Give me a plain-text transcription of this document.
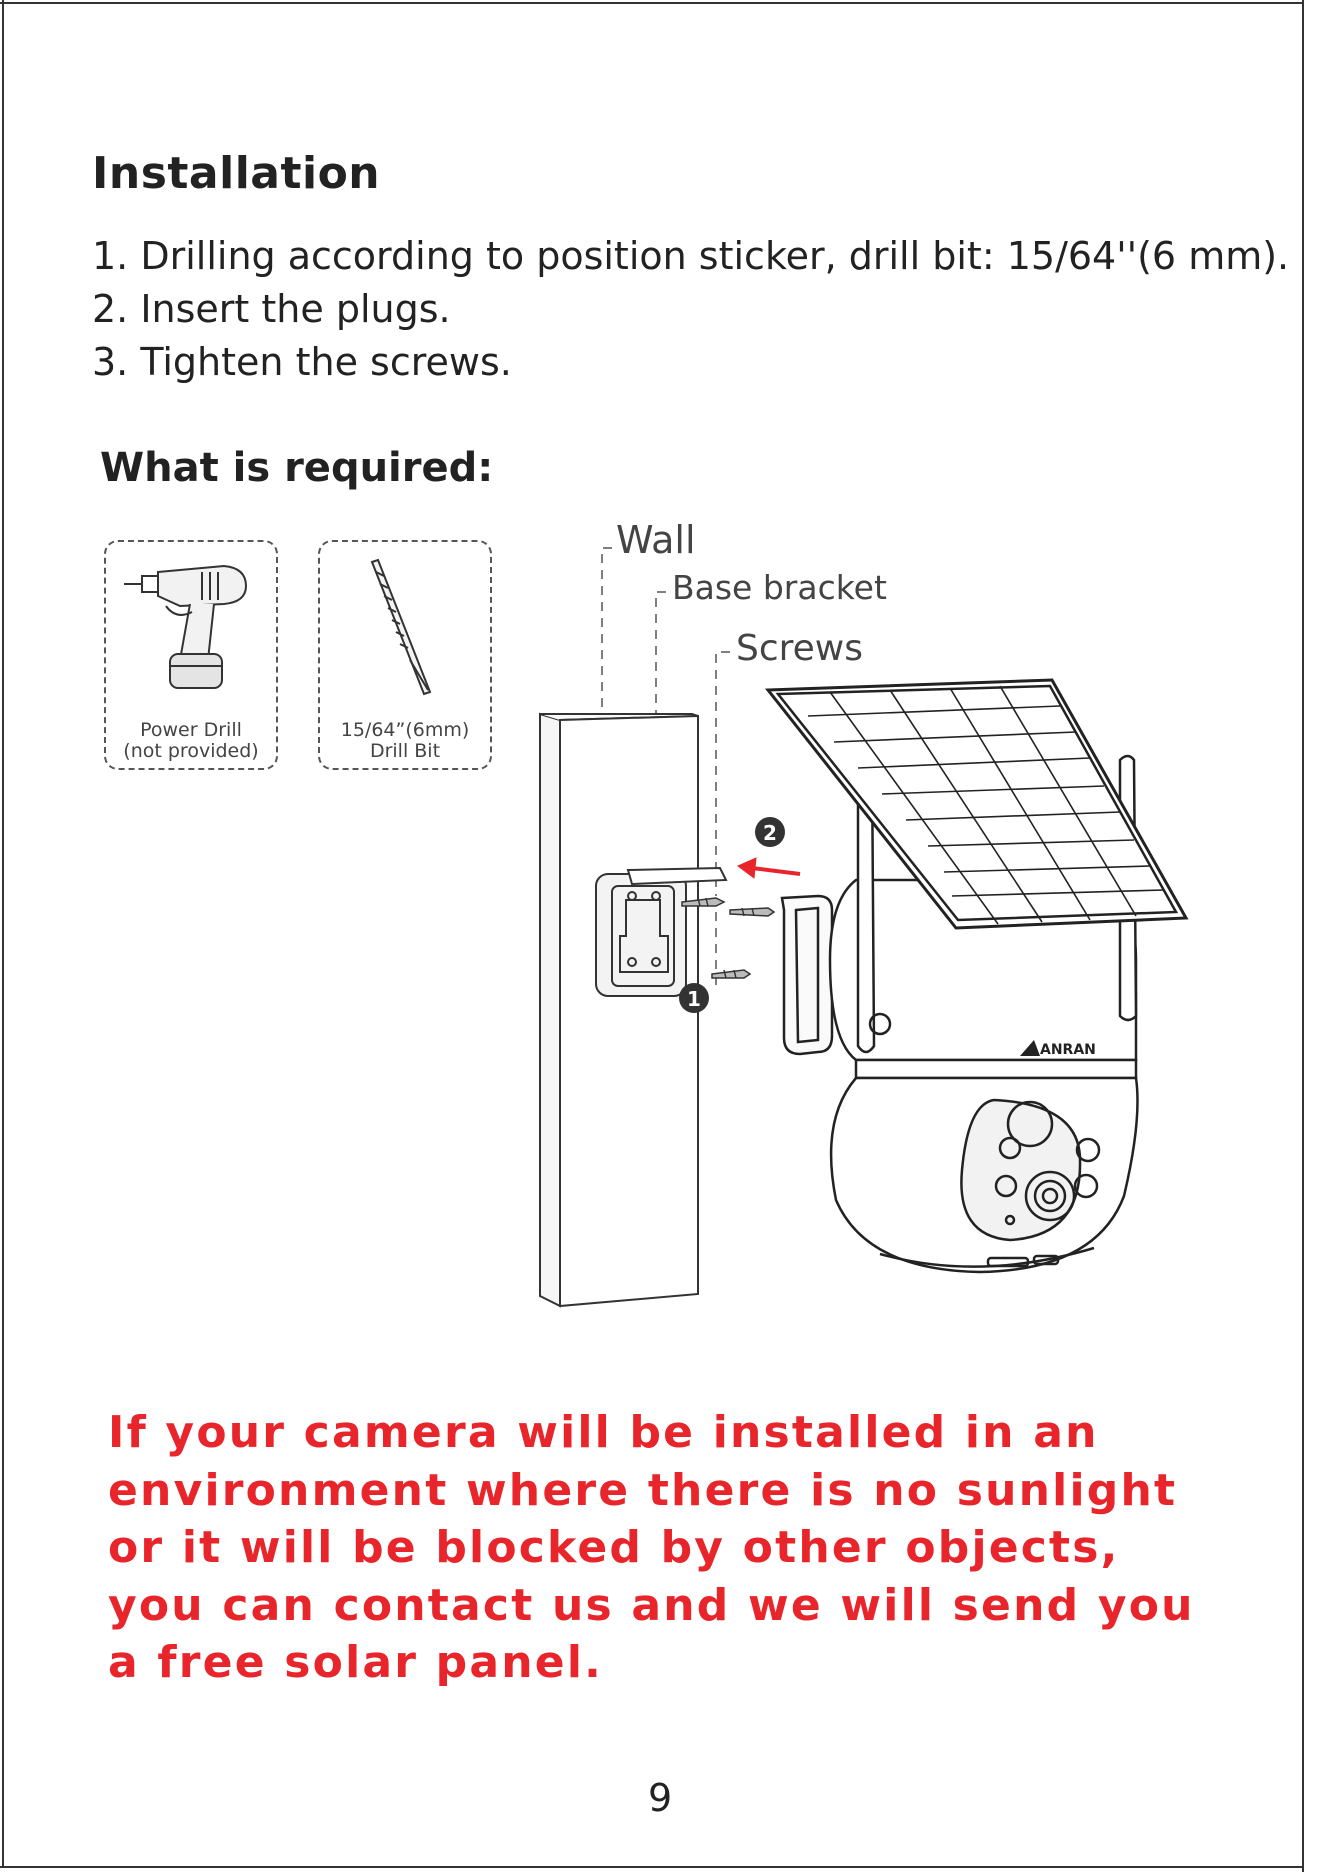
Installation
1. Drilling according to position sticker, drill bit: 15/64''(6 mm).
2. Insert the plugs.
3. Tighten the screws.
What is required:
Power Drill
(not provided)
15/64”(6mm)
Drill Bit
Wall
Base bracket
Screws
2
1
ANRAN

If your camera will be installed in an environment where there is no sunlight or it will be blocked by other objects, you can contact us and we will send you a free solar panel.

9
